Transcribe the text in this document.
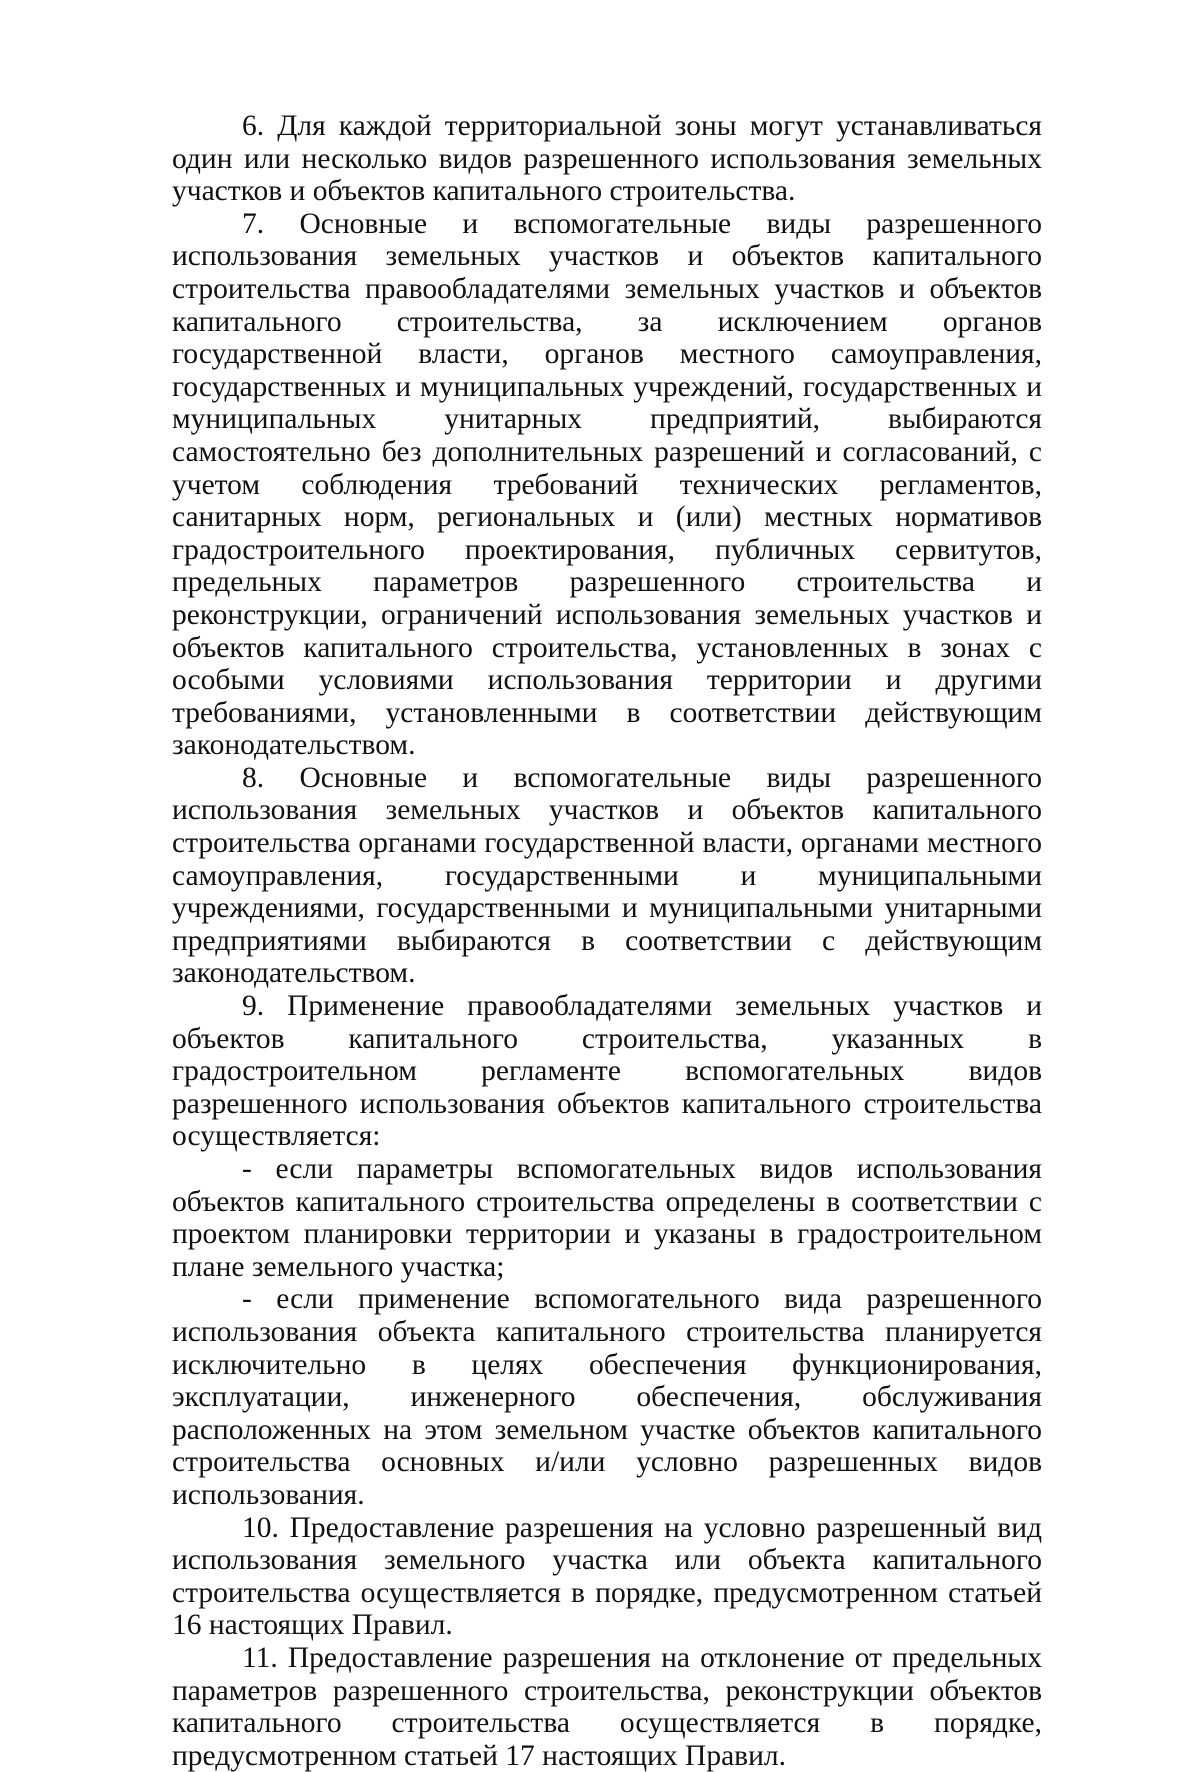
6. Для каждой территориальной зоны могут устанавливаться один или несколько видов разрешенного использования земельных участков и объектов капитального строительства.

7. Основные и вспомогательные виды разрешенного использования земельных участков и объектов капитального строительства правообладателями земельных участков и объектов капитального строительства, за исключением органов государственной власти, органов местного самоуправления, государственных и муниципальных учреждений, государственных и муниципальных унитарных предприятий, выбираются самостоятельно без дополнительных разрешений и согласований, с учетом соблюдения требований технических регламентов, санитарных норм, региональных и (или) местных нормативов градостроительного проектирования, публичных сервитутов, предельных параметров разрешенного строительства и реконструкции, ограничений использования земельных участков и объектов капитального строительства, установленных в зонах с особыми условиями использования территории и другими требованиями, установленными в соответствии действующим законодательством.

8. Основные и вспомогательные виды разрешенного использования земельных участков и объектов капитального строительства органами государственной власти, органами местного самоуправления, государственными и муниципальными учреждениями, государственными и муниципальными унитарными предприятиями выбираются в соответствии с действующим законодательством.

9. Применение правообладателями земельных участков и объектов капитального строительства, указанных в градостроительном регламенте вспомогательных видов разрешенного использования объектов капитального строительства осуществляется:

- если параметры вспомогательных видов использования объектов капитального строительства определены в соответствии с проектом планировки территории и указаны в градостроительном плане земельного участка;

- если применение вспомогательного вида разрешенного использования объекта капитального строительства планируется исключительно в целях обеспечения функционирования, эксплуатации, инженерного обеспечения, обслуживания расположенных на этом земельном участке объектов капитального строительства основных и/или условно разрешенных видов использования.

10. Предоставление разрешения на условно разрешенный вид использования земельного участка или объекта капитального строительства осуществляется в порядке, предусмотренном статьей 16 настоящих Правил.

11. Предоставление разрешения на отклонение от предельных параметров разрешенного строительства, реконструкции объектов капитального строительства осуществляется в порядке, предусмотренном статьей 17 настоящих Правил.
